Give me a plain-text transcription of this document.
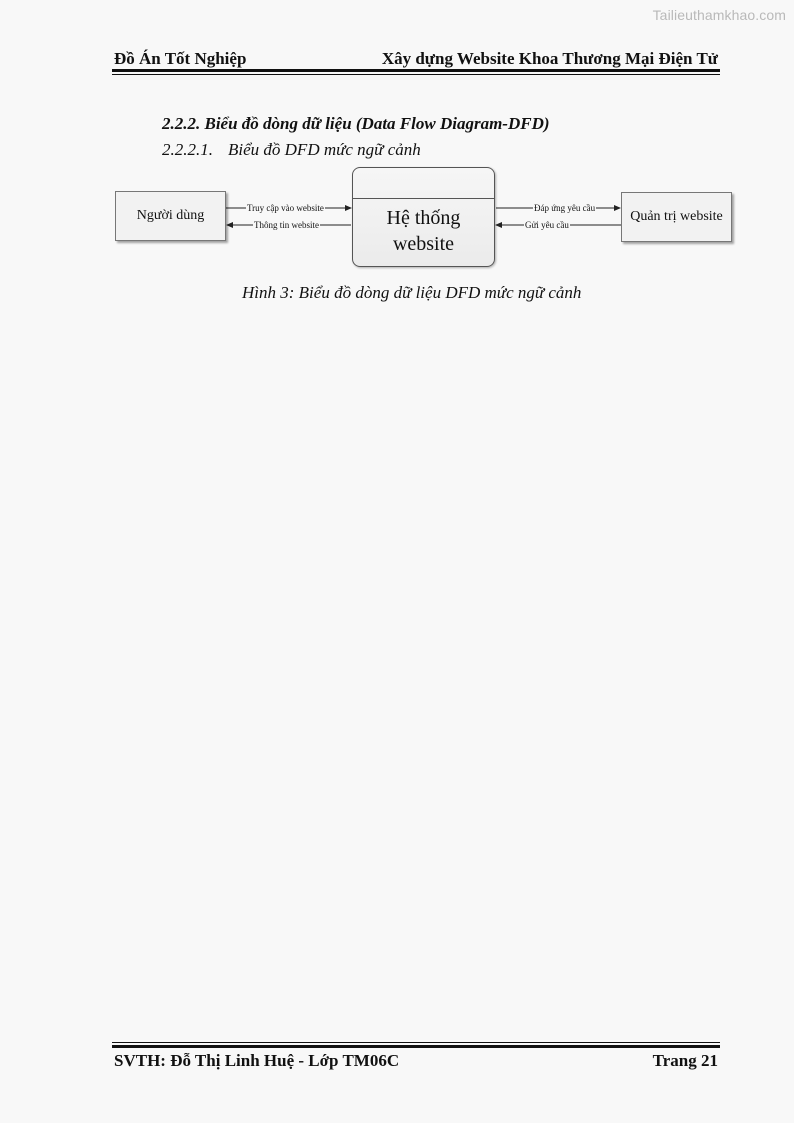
Tailieuthamkhao.com
Đồ Án Tốt Nghiệp	Xây dựng Website Khoa Thương Mại Điện Tử
2.2.2. Biểu đồ dòng dữ liệu (Data Flow Diagram-DFD)
2.2.2.1. Biểu đồ DFD mức ngữ cảnh
Người dùng	Hệ thống
website
Quản trị website
Truy cập vào website
Thông tin website
Đáp ứng yêu cầu
Gửi yêu cầu
Hình 3: Biểu đồ dòng dữ liệu DFD mức ngữ cảnh
SVTH: Đỗ Thị Linh Huệ - Lớp TM06C	Trang 21
